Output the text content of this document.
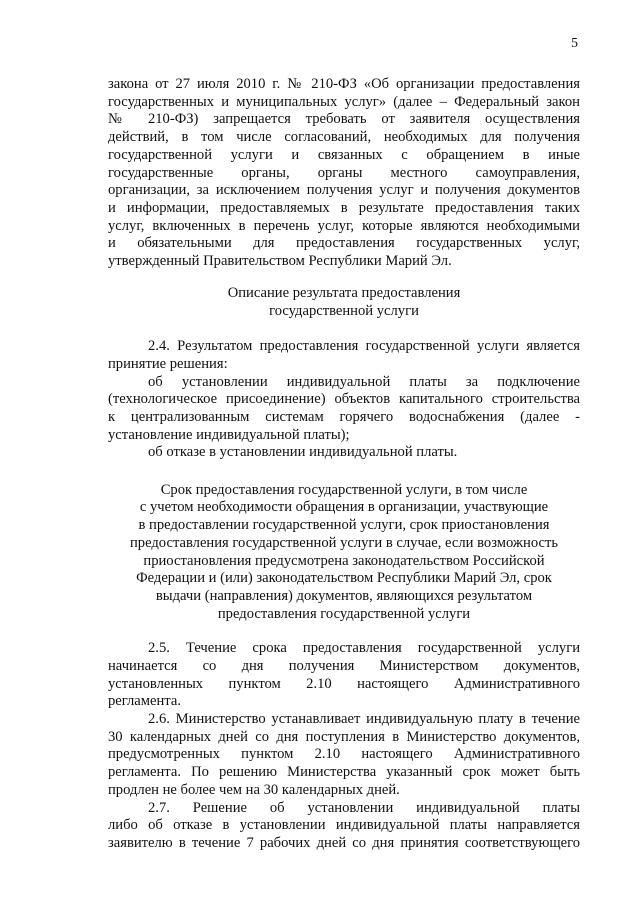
5
закона от 27 июля 2010 г. № 210-ФЗ «Об организации предоставления
государственных и муниципальных услуг» (далее – Федеральный закон
№ 210-ФЗ) запрещается требовать от заявителя осуществления
действий, в том числе согласований, необходимых для получения
государственной услуги и связанных с обращением в иные
государственные органы, органы местного самоуправления,
организации, за исключением получения услуг и получения документов
и информации, предоставляемых в результате предоставления таких
услуг, включенных в перечень услуг, которые являются необходимыми
и обязательными для предоставления государственных услуг,
утвержденный Правительством Республики Марий Эл.
Описание результата предоставления
государственной услуги
2.4. Результатом предоставления государственной услуги является
принятие решения:
об установлении индивидуальной платы за подключение
(технологическое присоединение) объектов капитального строительства
к централизованным системам горячего водоснабжения (далее -
установление индивидуальной платы);
об отказе в установлении индивидуальной платы.
Срок предоставления государственной услуги, в том числе
с учетом необходимости обращения в организации, участвующие
в предоставлении государственной услуги, срок приостановления
предоставления государственной услуги в случае, если возможность
приостановления предусмотрена законодательством Российской
Федерации и (или) законодательством Республики Марий Эл, срок
выдачи (направления) документов, являющихся результатом
предоставления государственной услуги
2.5. Течение срока предоставления государственной услуги
начинается со дня получения Министерством документов,
установленных пунктом 2.10 настоящего Административного
регламента.
2.6. Министерство устанавливает индивидуальную плату в течение
30 календарных дней со дня поступления в Министерство документов,
предусмотренных пунктом 2.10 настоящего Административного
регламента. По решению Министерства указанный срок может быть
продлен не более чем на 30 календарных дней.
2.7. Решение об установлении индивидуальной платы
либо об отказе в установлении индивидуальной платы направляется
заявителю в течение 7 рабочих дней со дня принятия соответствующего
